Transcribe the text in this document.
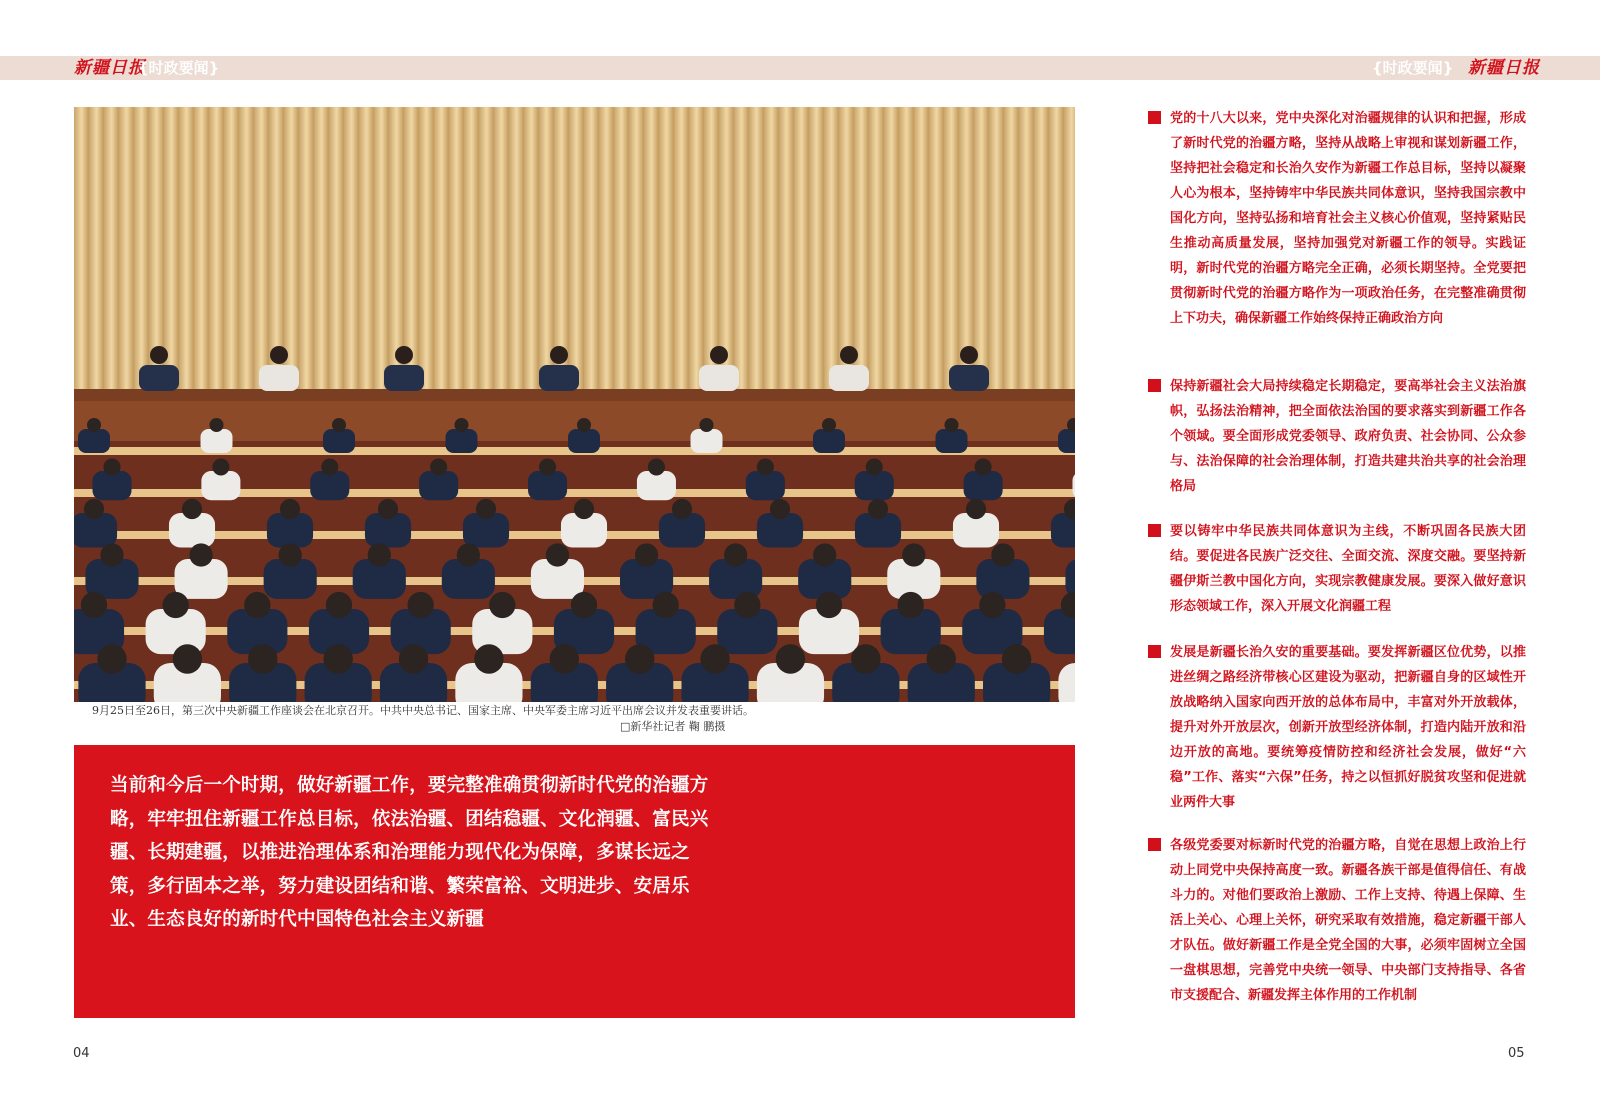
新疆日报
{时政要闻}	{时政要闻} 新疆日报
9月25日至26日，第三次中央新疆工作座谈会在北京召开。中共中央总书记、国家主席、中央军委主席习近平出席会议并发表重要讲话。
□新华社记者 鞠 鹏摄
当前和今后一个时期，做好新疆工作，要完整准确贯彻新时代党的治疆方略，牢牢扭住新疆工作总目标，依法治疆、团结稳疆、文化润疆、富民兴疆、长期建疆，以推进治理体系和治理能力现代化为保障，多谋长远之策，多行固本之举，努力建设团结和谐、繁荣富裕、文明进步、安居乐业、生态良好的新时代中国特色社会主义新疆
04	05
党的十八大以来，党中央深化对治疆规律的认识和把握，形成了新时代党的治疆方略，坚持从战略上审视和谋划新疆工作，坚持把社会稳定和长治久安作为新疆工作总目标，坚持以凝聚人心为根本，坚持铸牢中华民族共同体意识，坚持我国宗教中国化方向，坚持弘扬和培育社会主义核心价值观，坚持紧贴民生推动高质量发展，坚持加强党对新疆工作的领导。实践证明，新时代党的治疆方略完全正确，必须长期坚持。全党要把贯彻新时代党的治疆方略作为一项政治任务，在完整准确贯彻上下功夫，确保新疆工作始终保持正确政治方向
保持新疆社会大局持续稳定长期稳定，要高举社会主义法治旗帜，弘扬法治精神，把全面依法治国的要求落实到新疆工作各个领域。要全面形成党委领导、政府负责、社会协同、公众参与、法治保障的社会治理体制，打造共建共治共享的社会治理格局
要以铸牢中华民族共同体意识为主线，不断巩固各民族大团结。要促进各民族广泛交往、全面交流、深度交融。要坚持新疆伊斯兰教中国化方向，实现宗教健康发展。要深入做好意识形态领域工作，深入开展文化润疆工程
发展是新疆长治久安的重要基础。要发挥新疆区位优势，以推进丝绸之路经济带核心区建设为驱动，把新疆自身的区域性开放战略纳入国家向西开放的总体布局中，丰富对外开放载体，提升对外开放层次，创新开放型经济体制，打造内陆开放和沿边开放的高地。要统筹疫情防控和经济社会发展，做好“六稳”工作、落实“六保”任务，持之以恒抓好脱贫攻坚和促进就业两件大事
各级党委要对标新时代党的治疆方略，自觉在思想上政治上行动上同党中央保持高度一致。新疆各族干部是值得信任、有战斗力的。对他们要政治上激励、工作上支持、待遇上保障、生活上关心、心理上关怀，研究采取有效措施，稳定新疆干部人才队伍。做好新疆工作是全党全国的大事，必须牢固树立全国一盘棋思想，完善党中央统一领导、中央部门支持指导、各省市支援配合、新疆发挥主体作用的工作机制
